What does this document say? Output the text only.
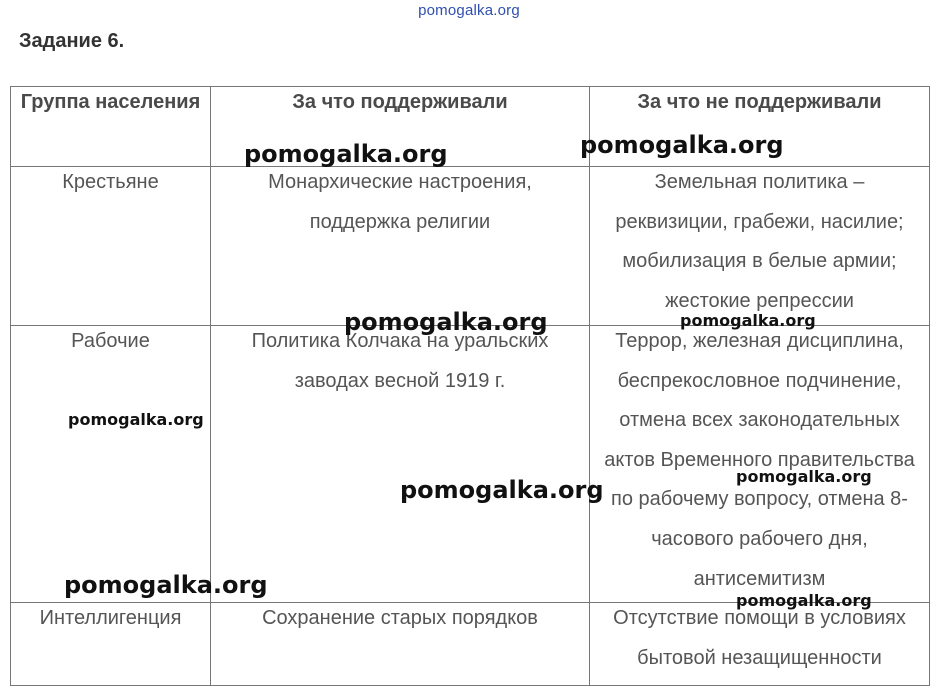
pomogalka.org
Задание 6.
Группа населения	За что поддерживали	За что не поддерживали

Крестьяне	Монархические настроения, поддержка религии	Земельная политика – реквизиции, грабежи, насилие; мобилизация в белые армии; жестокие репрессии

Рабочие	Политика Колчака на уральских заводах весной 1919 г.	Террор, железная дисциплина, беспрекословное подчинение, отмена всех законодательных актов Временного правительства по рабочему вопросу, отмена 8-часового рабочего дня, антисемитизм

Интеллигенция	Сохранение старых порядков	Отсутствие помощи в условиях бытовой незащищенности
pomogalka.org	pomogalka.org
pomogalka.org	pomogalka.org
pomogalka.org
pomogalka.org
pomogalka.org
pomogalka.org
pomogalka.org
